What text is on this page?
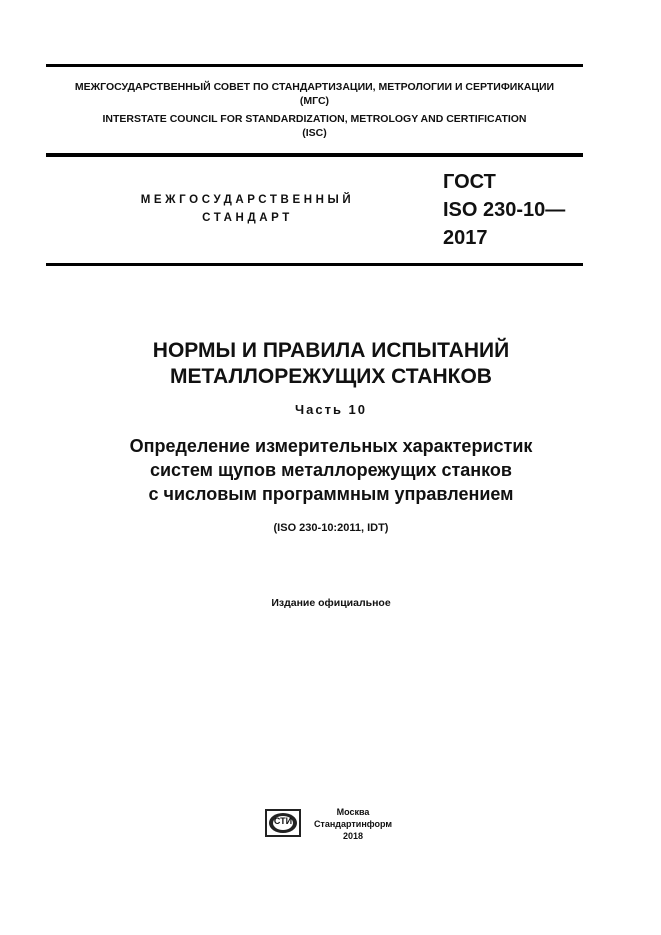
МЕЖГОСУДАРСТВЕННЫЙ СОВЕТ ПО СТАНДАРТИЗАЦИИ, МЕТРОЛОГИИ И СЕРТИФИКАЦИИ
(МГС)
INTERSTATE COUNCIL FOR STANDARDIZATION, METROLOGY AND CERTIFICATION
(ISC)
МЕЖГОСУДАРСТВЕННЫЙ
СТАНДАРТ
ГОСТ
ISO 230-10—
2017
НОРМЫ И ПРАВИЛА ИСПЫТАНИЙ
МЕТАЛЛОРЕЖУЩИХ СТАНКОВ
Часть 10
Определение измерительных характеристик
систем щупов металлорежущих станков
с числовым программным управлением
(ISO 230-10:2011, IDT)
Издание официальное
СТИ
Москва
Стандартинформ
2018
